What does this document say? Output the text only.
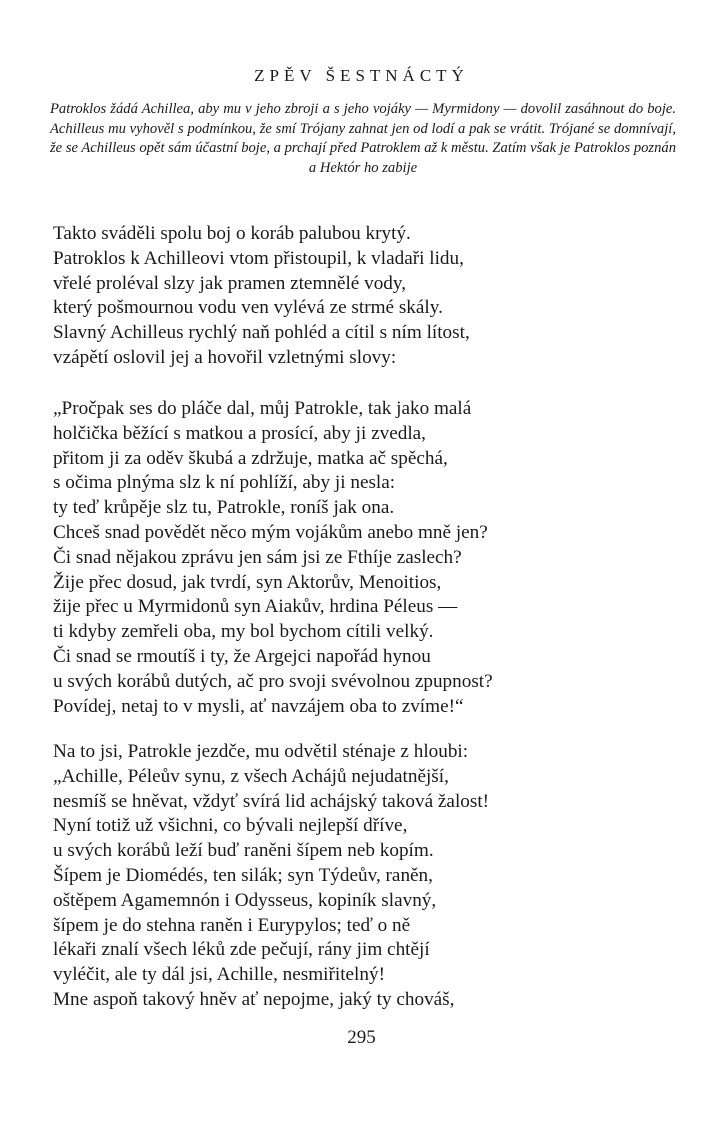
ZPĚV ŠESTNÁCTÝ
Patroklos žádá Achillea, aby mu v jeho zbroji a s jeho vojáky — Myrmidony — dovolil zasáhnout do boje. Achilleus mu vyhověl s podmínkou, že smí Trójany zahnat jen od lodí a pak se vrátit. Trójané se domnívají, že se Achilleus opět sám účastní boje, a prchají před Patroklem až k městu. Zatím však je Patroklos poznán a Hektór ho zabije
Takto sváděli spolu boj o koráb palubou krytý.
Patroklos k Achilleovi vtom přistoupil, k vladaři lidu,
vřelé proléval slzy jak pramen ztemnělé vody,
který pošmournou vodu ven vylévá ze strmé skály.
Slavný Achilleus rychlý naň pohléd a cítil s ním lítost,
vzápětí oslovil jej a hovořil vzletnými slovy:
„Pročpak ses do pláče dal, můj Patrokle, tak jako malá
holčička běžící s matkou a prosící, aby ji zvedla,
přitom ji za oděv škubá a zdržuje, matka ač spěchá,
s očima plnýma slz k ní pohlíží, aby ji nesla:
ty teď krůpěje slz tu, Patrokle, roníš jak ona.
Chceš snad povědět něco mým vojákům anebo mně jen?
Či snad nějakou zprávu jen sám jsi ze Fthíje zaslech?
Žije přec dosud, jak tvrdí, syn Aktorův, Menoitios,
žije přec u Myrmidonů syn Aiakův, hrdina Péleus —
ti kdyby zemřeli oba, my bol bychom cítili velký.
Či snad se rmoutíš i ty, že Argejci napořád hynou
u svých korábů dutých, ač pro svoji svévolnou zpupnost?
Povídej, netaj to v mysli, ať navzájem oba to zvíme!“
Na to jsi, Patrokle jezdče, mu odvětil sténaje z hloubi:
„Achille, Péleův synu, z všech Achájů nejudatnější,
nesmíš se hněvat, vždyť svírá lid achájský taková žalost!
Nyní totiž už všichni, co bývali nejlepší dříve,
u svých korábů leží buď raněni šípem neb kopím.
Šípem je Diomédés, ten silák; syn Týdeův, raněn,
oštěpem Agamemnón i Odysseus, kopiník slavný,
šípem je do stehna raněn i Eurypylos; teď o ně
lékaři znalí všech léků zde pečují, rány jim chtějí
vyléčit, ale ty dál jsi, Achille, nesmiřitelný!
Mne aspoň takový hněv ať nepojme, jaký ty chováš,
295
